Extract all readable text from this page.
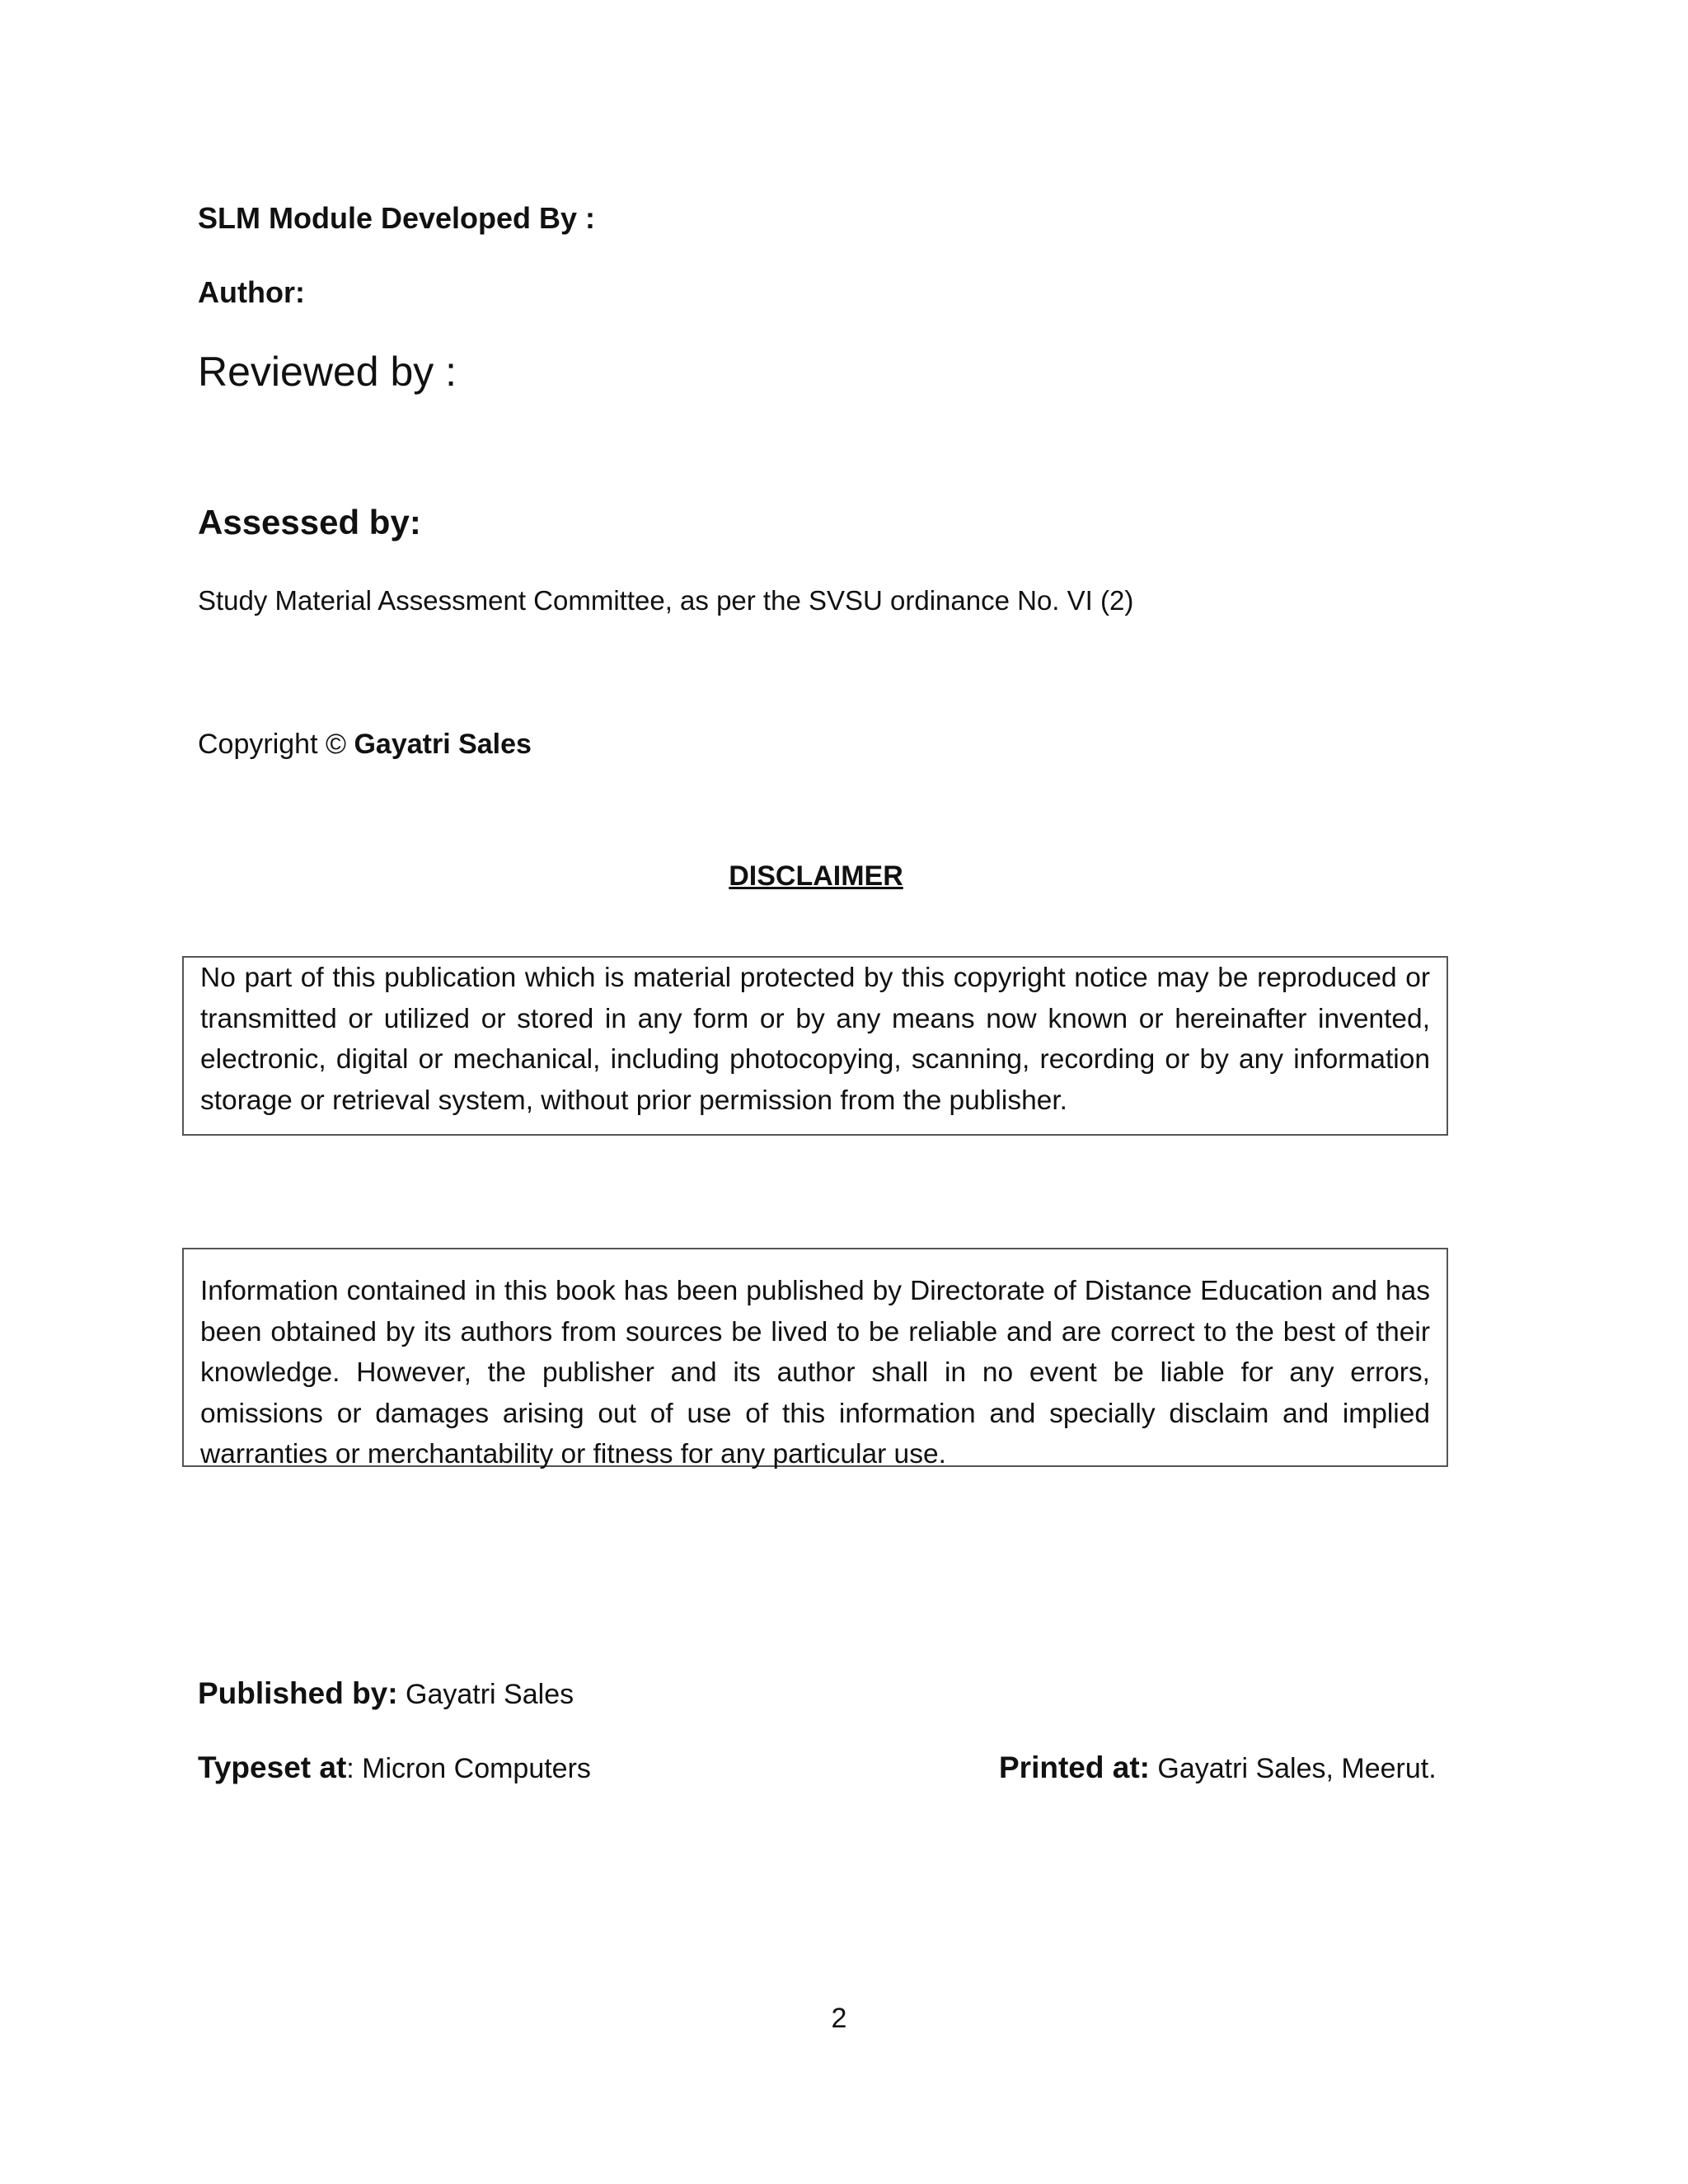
SLM Module Developed By :
Author:
Reviewed by :
Assessed by:
Study Material Assessment Committee, as per the SVSU ordinance No. VI (2)
Copyright © Gayatri Sales
DISCLAIMER
No part of this publication which is material protected by this copyright notice may be reproduced or transmitted or utilized or stored in any form or by any means now known or hereinafter invented, electronic, digital or mechanical, including photocopying, scanning, recording or by any information storage or retrieval system, without prior permission from the publisher.
Information contained in this book has been published by Directorate of Distance Education and has been obtained by its authors from sources be lived to be reliable and are correct to the best of their knowledge. However, the publisher and its author shall in no event be liable for any errors, omissions or damages arising out of use of this information and specially disclaim and implied warranties or merchantability or fitness for any particular use.
Published by: Gayatri Sales
Typeset at: Micron Computers	Printed at: Gayatri Sales, Meerut.
2
